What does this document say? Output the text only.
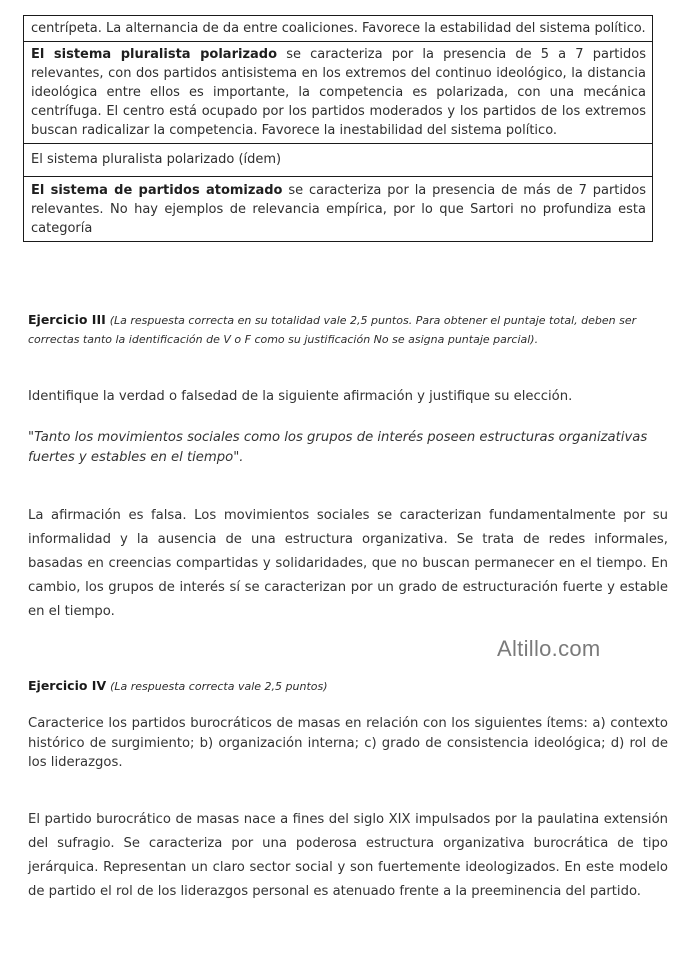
centrípeta. La alternancia de da entre coaliciones. Favorece la estabilidad del sistema político.
El sistema pluralista polarizado se caracteriza por la presencia de 5 a 7 partidos relevantes, con dos partidos antisistema en los extremos del continuo ideológico, la distancia ideológica entre ellos es importante, la competencia es polarizada, con una mecánica centrífuga. El centro está ocupado por los partidos moderados y los partidos de los extremos buscan radicalizar la competencia. Favorece la inestabilidad del sistema político.
El sistema pluralista polarizado (ídem)
El sistema de partidos atomizado se caracteriza por la presencia de más de 7 partidos relevantes. No hay ejemplos de relevancia empírica, por lo que Sartori no profundiza esta categoría
Ejercicio III (La respuesta correcta en su totalidad vale 2,5 puntos. Para obtener el puntaje total, deben ser correctas tanto la identificación de V o F como su justificación No se asigna puntaje parcial).
Identifique la verdad o falsedad de la siguiente afirmación y justifique su elección.
"Tanto los movimientos sociales como los grupos de interés poseen estructuras organizativas fuertes y estables en el tiempo".
La afirmación es falsa. Los movimientos sociales se caracterizan fundamentalmente por su informalidad y la ausencia de una estructura organizativa. Se trata de redes informales, basadas en creencias compartidas y solidaridades, que no buscan permanecer en el tiempo. En cambio, los grupos de interés sí se caracterizan por un grado de estructuración fuerte y estable en el tiempo.
Altillo.com
Ejercicio IV (La respuesta correcta vale 2,5 puntos)
Caracterice los partidos burocráticos de masas en relación con los siguientes ítems: a) contexto histórico de surgimiento; b) organización interna; c) grado de consistencia ideológica; d) rol de los liderazgos.
El partido burocrático de masas nace a fines del siglo XIX impulsados por la paulatina extensión del sufragio. Se caracteriza por una poderosa estructura organizativa burocrática de tipo jerárquica. Representan un claro sector social y son fuertemente ideologizados. En este modelo de partido el rol de los liderazgos personal es atenuado frente a la preeminencia del partido.
